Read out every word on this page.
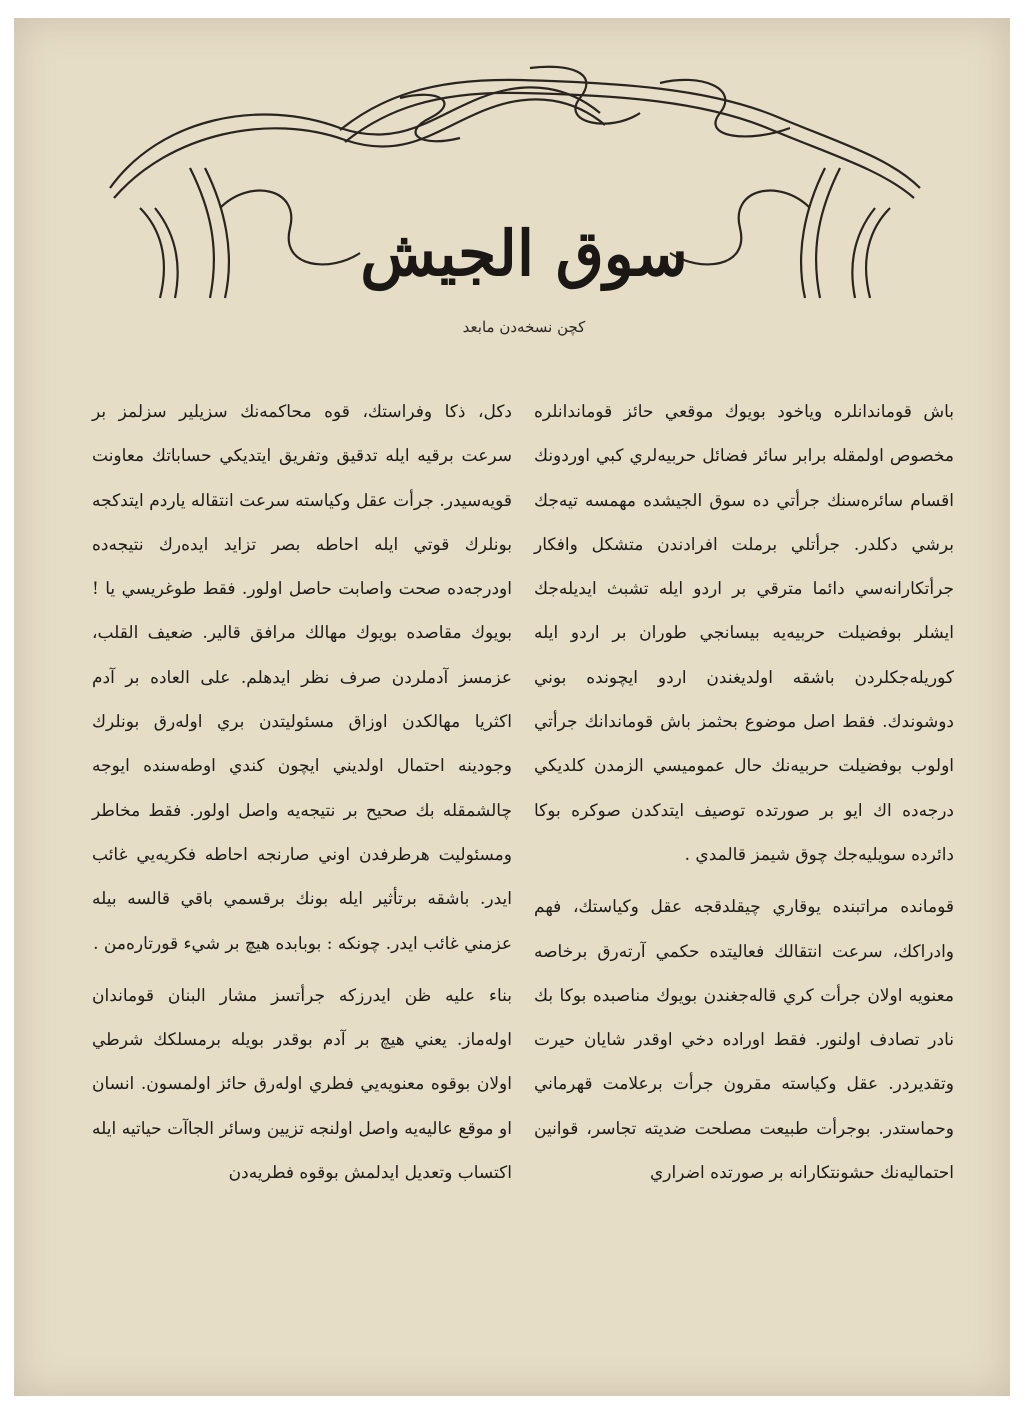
سوق الجيش
كچن نسخه‌دن مابعد

باش قوماندانلره وياخود بويوك موقعي حائز قوماندانلره مخصوص اولمقله برابر سائر فضائل حربيه‌لري كبي اوردونك اقسام سائره‌سنك جرأتي ده سوق الجيشده مهمسه تيه‌جك برشي دكلدر. جرأتلي برملت افرادندن متشكل وافكار جرأتكارانه‌سي دائما مترقي بر اردو ايله تشبث ايديله‌جك ايشلر بوفضيلت حربيه‌يه بيسانجي طوران بر اردو ايله كوريله‌جكلردن باشقه اولديغندن اردو ايچونده بوني دوشوندك. فقط اصل موضوع بحثمز باش قوماندانك جرأتي اولوب بوفضيلت حربيه‌نك حال عموميسي الزمدن كلديكي درجه‌ده اك ايو بر صورتده توصيف ايتدكدن صوكره بوكا دائرده سويليه‌جك چوق شيمز قالمدي .

قوماندە مراتبنده يوقاري چيقلدقجه عقل وكياستك، فهم وادراكك، سرعت انتقالك فعاليتده حكمي آرته‌رق برخاصه معنويه اولان جرأت كري قاله‌جغندن بويوك مناصبده بوكا بك نادر تصادف اولنور. فقط اوراده دخي اوقدر شايان حيرت وتقديردر. عقل وكياسته مقرون جرأت برعلامت قهرماني وحماستدر. بوجرأت طبيعت مصلحت ضديته تجاسر، قوانين احتماليه‌نك حشونتكارانه بر صورتده اضراري

دكل، ذكا وفراستك، قوه محاكمه‌نك سزيلير سزلمز بر سرعت برقيه ايله تدقيق وتفريق ايتديكي حساباتك معاونت قويه‌سيدر. جرأت عقل وكياسته سرعت انتقاله ياردم ايتدكجه بونلرك قوتي ايله احاطه بصر تزايد ايده‌رك نتيجه‌ده اودرجه‌ده صحت واصابت حاصل اولور. فقط طوغريسي يا ! بويوك مقاصده بويوك مهالك مرافق قالير. ضعيف القلب، عزمسز آدملردن صرف نظر ايدهلم. على العاده بر آدم اكثريا مهالكدن اوزاق مسئوليتدن بري اوله‌رق بونلرك وجودينه احتمال اولديني ايچون كندي اوطه‌سنده ايوجه چالشمقله بك صحيح بر نتيجه‌يه واصل اولور. فقط مخاطر ومسئوليت هرطرفدن اوني صارنجه احاطه فكريه‌يي غائب ايدر. باشقه برتأثير ايله بونك برقسمي باقي قالسه بيله عزمني غائب ايدر. چونكه : بوبابده هيچ بر شيء قورتاره‌من .

بناء عليه ظن ايدرزكه جرأتسز مشار البنان قوماندان اوله‌ماز. يعني هيچ بر آدم بوقدر بويله برمسلكك شرطي اولان بوقوه معنويه‌يي فطري اوله‌رق حائز اولمسون. انسان او موقع عاليه‌يه واصل اولنجه تزيين وسائر الجاآت حياتيه ايله اكتساب وتعديل ايدلمش بوقوه فطريه‌دن
